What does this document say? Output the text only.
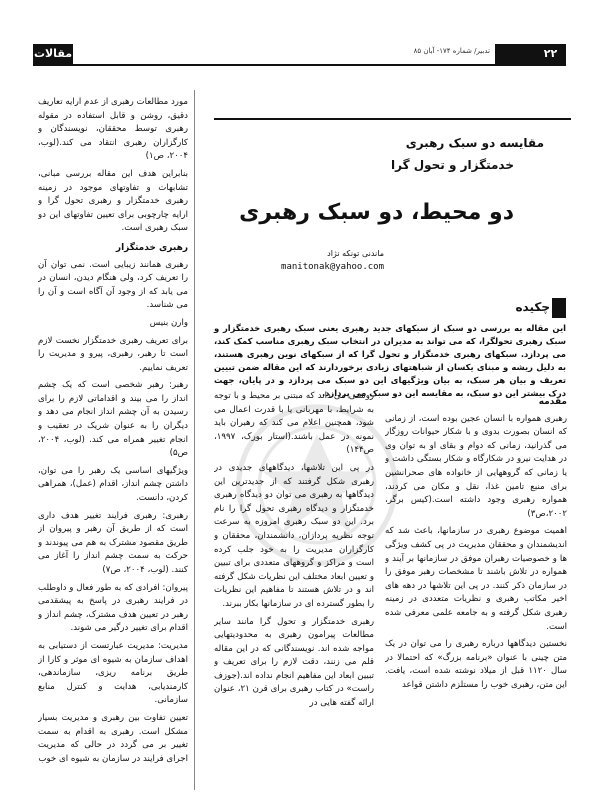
مقالات	۲۲
تدبیر/ شماره ۱۷۴- آبان ۸۵
مقایسه دو سبک رهبری
خدمتگزار و تحول گرا
دو محیط، دو سبک رهبری
ماندنی تونکه نژاد
manitonak@yahoo.com
چکیده
این مقاله به بررسی دو سبک از سبکهای جدید رهبری یعنی سبک رهبری خدمتگزار و سبک رهبری تحولگرا، که می تواند به مدیران در انتخاب سبک رهبری مناسب کمک کند، می پردازد. سبکهای رهبری خدمتگزار و تحول گرا که از سبکهای نوین رهبری هستند، به دلیل ریشه و مبنای یکسان از شباهتهای زیادی برخوردارند که این مقاله ضمن تبیین تعریف و بیان هر سبک، به بیان ویژگیهای این دو سبک می پردازد و در پایان، جهت درک بیشتر این دو سبک، به مقایسه این دو سبک می پردازد.
مقدمه

رهبری همواره با انسان عجین بوده است، از زمانی که انسان بصورت بدوی و با شکار حیوانات روزگار می گذرانید، زمانی که دوام و بقای او به توان وی در هدایت نیرو در شکارگاه و شکار بستگی داشت و یا زمانی که گروههایی از خانواده های صحرانشین برای منبع تامین غذا، نقل و مکان می کردند، همواره رهبری وجود داشته است.(کیس برگر، ۲۰۰۲،ص۳)

اهمیت موضوع رهبری در سازمانها، باعث شد که اندیشمندان و محققان مدیریت در پی کشف ویژگی ها و خصوصیات رهبران موفق در سازمانها بر آیند و همواره در تلاش باشند تا مشخصات رهبر موفق را در سازمان ذکر کنند. در پی این تلاشها در دهه های اخیر مکاتب رهبری و نظریات متعددی در زمینه رهبری شکل گرفته و به جامعه علمی معرفی شده است.

نخستین دیدگاهها درباره رهبری را می توان در یک متن چینی با عنوان «برنامه بزرگ» که احتمالا در سال ۱۱۲۰ قبل از میلاد نوشته شده است، یافت. این متن، رهبری خوب را مستلزم داشتن قواعد

روشنی می داند که مبتنی بر محیط و با توجه به شرایط، با مهربانی یا با قدرت اعمال می شود، همچنین اعلام می کند که رهبران باید نمونه در عمل باشند.(استار بورک، ۱۹۹۷، ص۱۴۴)

در پی این تلاشها، دیدگاههای جدیدی در رهبری شکل گرفتند که از جدیدترین این دیدگاهها به رهبری می توان دو دیدگاه رهبری خدمتگزار و دیدگاه رهبری تحول گرا را نام برد. این دو سبک رهبری امروزه به سرعت توجه نظریه پردازان، دانشمندان، محققان و کارگزاران مدیریت را به خود جلب کرده است و مراکز و گروههای متعددی برای تبیین و تعیین ابعاد مختلف این نظریات شکل گرفته اند و در تلاش هستند تا مفاهیم این نظریات را بطور گسترده ای در سازمانها بکار ببرند.

رهبری خدمتگزار و تحول گرا مانند سایر مطالعات پیرامون رهبری به محدودیتهایی مواجه شده اند. نویسندگانی که در این مقاله قلم می زنند، دقت لازم را برای تعریف و تبیین ابعاد این مفاهیم انجام نداده اند.(جوزف راست» در کتاب رهبری برای قرن ۲۱، عنوان ارائه گفته هایی در

مورد مطالعات رهبری از عدم ارایه تعاریف دقیق، روشن و قابل استفاده در مقوله رهبری توسط محققان، نویسندگان و کارگزاران رهبری انتقاد می کند.(لوب، ۲۰۰۴، ص۱)

بنابراین هدف این مقاله بررسی مبانی، تشابهات و تفاوتهای موجود در زمینه رهبری خدمتگزار و رهبری تحول گرا و ارایه چارچوبی برای تعیین تفاوتهای این دو سبک رهبری است.

رهبری خدمتگزار

رهبری همانند زیبایی است. نمی توان آن را تعریف کرد، ولی هنگام دیدن، انسان در می یابد که از وجود آن آگاه است و آن را می شناسد.

وارن بنیس

برای تعریف رهبری خدمتگزار نخست لازم است تا رهبر، رهبری، پیرو و مدیریت را تعریف نماییم.

رهبر: رهبر شخصی است که یک چشم انداز را می بیند و اقداماتی لازم را برای رسیدن به آن چشم انداز انجام می دهد و دیگران را به عنوان شریک در تعقیب و انجام تغییر همراه می کند. (لوب، ۲۰۰۴، ص۵)

ویژگیهای اساسی یک رهبر را می توان، داشتن چشم انداز، اقدام (عمل)، همراهی کردن، دانست.

رهبری: رهبری فرایند تغییر هدف داری است که از طریق آن رهبر و پیروان از طریق مقصود مشترک به هم می پیوندند و حرکت به سمت چشم انداز را آغاز می کنند. (لوب، ۲۰۰۴، ص۷)

پیروان: افرادی که به طور فعال و داوطلب در فرایند رهبری در پاسخ به پیشقدمی رهبر در تعیین هدف مشترک، چشم انداز و اقدام برای تغییر درگیر می شوند.

مدیریت: مدیریت عبارتست از دستیابی به اهداف سازمان به شیوه ای موثر و کارا از طریق برنامه ریزی، سازماندهی، کارمندیابی، هدایت و کنترل منابع سازمانی.

تعیین تفاوت بین رهبری و مدیریت بسیار مشکل است. رهبری به اقدام به سمت تغییر بر می گردد در حالی که مدیریت اجرای فرایند در سازمان به شیوه ای خوب
